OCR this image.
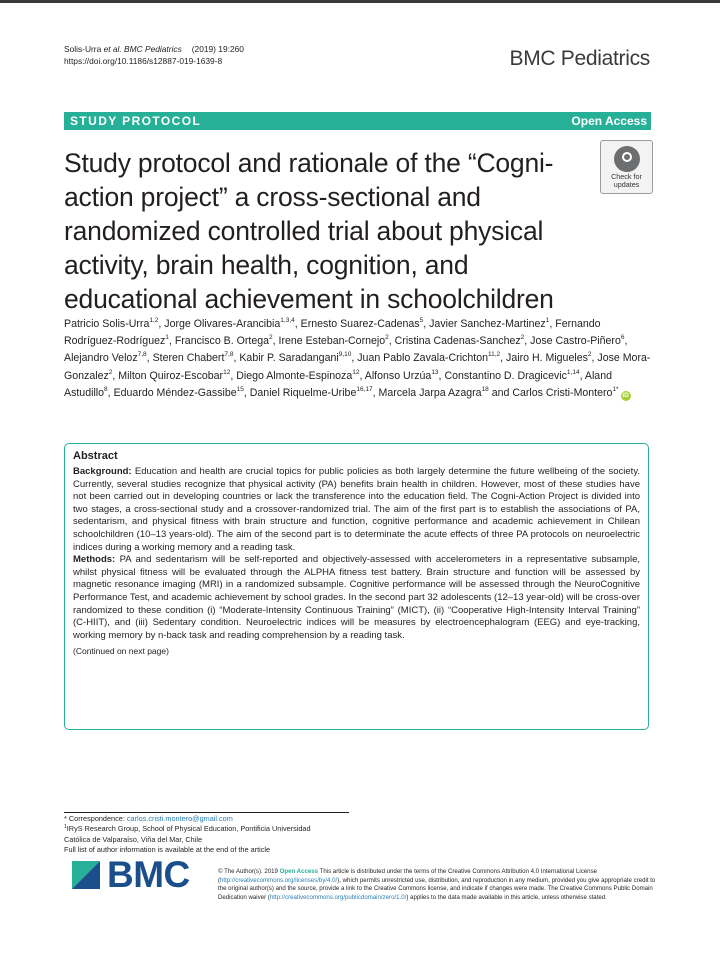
Solis-Urra et al. BMC Pediatrics (2019) 19:260
https://doi.org/10.1186/s12887-019-1639-8	BMC Pediatrics
STUDY PROTOCOL	Open Access
Study protocol and rationale of the “Cogni-action project” a cross-sectional and randomized controlled trial about physical activity, brain health, cognition, and educational achievement in schoolchildren
Check for
updates
Patricio Solis-Urra$^{1,2}$, Jorge Olivares-Arancibia$^{1,3,4}$, Ernesto Suarez-Cadenas$^5$, Javier Sanchez-Martinez$^1$, Fernando Rodríguez-Rodríguez$^1$, Francisco B. Ortega$^2$, Irene Esteban-Cornejo$^2$, Cristina Cadenas-Sanchez$^2$, Jose Castro-Piñero$^6$, Alejandro Veloz$^{7,8}$, Steren Chabert$^{7,8}$, Kabir P. Saradangani$^{9,10}$, Juan Pablo Zavala-Crichton$^{11,2}$, Jairo H. Migueles$^2$, Jose Mora-Gonzalez$^2$, Milton Quiroz-Escobar$^{12}$, Diego Almonte-Espinoza$^{12}$, Alfonso Urzúa$^{13}$, Constantino D. Dragicevic$^{1,14}$, Aland Astudillo$^8$, Eduardo Méndez-Gassibe$^{15}$, Daniel Riquelme-Uribe$^{16,17}$, Marcela Jarpa Azagra$^{18}$ and Carlos Cristi-Montero$^{1*}$iD
Abstract

Background: Education and health are crucial topics for public policies as both largely determine the future wellbeing of the society. Currently, several studies recognize that physical activity (PA) benefits brain health in children. However, most of these studies have not been carried out in developing countries or lack the transference into the education field. The Cogni-Action Project is divided into two stages, a cross-sectional study and a crossover-randomized trial. The aim of the first part is to establish the associations of PA, sedentarism, and physical fitness with brain structure and function, cognitive performance and academic achievement in Chilean schoolchildren (10–13 years-old). The aim of the second part is to determinate the acute effects of three PA protocols on neuroelectric indices during a working memory and a reading task.

Methods: PA and sedentarism will be self-reported and objectively-assessed with accelerometers in a representative subsample, whilst physical fitness will be evaluated through the ALPHA fitness test battery. Brain structure and function will be assessed by magnetic resonance imaging (MRI) in a randomized subsample. Cognitive performance will be assessed through the NeuroCognitive Performance Test, and academic achievement by school grades. In the second part 32 adolescents (12–13 year-old) will be cross-over randomized to these condition (i) “Moderate-Intensity Continuous Training” (MICT), (ii) “Cooperative High-Intensity Interval Training” (C-HIIT), and (iii) Sedentary condition. Neuroelectric indices will be measures by electroencephalogram (EEG) and eye-tracking, working memory by n-back task and reading comprehension by a reading task.

(Continued on next page)

* Correspondence: carlos.cristi.montero@gmail.com
$^1$IRyS Research Group, School of Physical Education, Pontificia Universidad
Católica de Valparaíso, Viña del Mar, Chile
Full list of author information is available at the end of the article
BMC	© The Author(s). 2019 Open Access This article is distributed under the terms of the Creative Commons Attribution 4.0 International License (http://creativecommons.org/licenses/by/4.0/), which permits unrestricted use, distribution, and reproduction in any medium, provided you give appropriate credit to the original author(s) and the source, provide a link to the Creative Commons license, and indicate if changes were made. The Creative Commons Public Domain Dedication waiver (http://creativecommons.org/publicdomain/zero/1.0/) applies to the data made available in this article, unless otherwise stated.
